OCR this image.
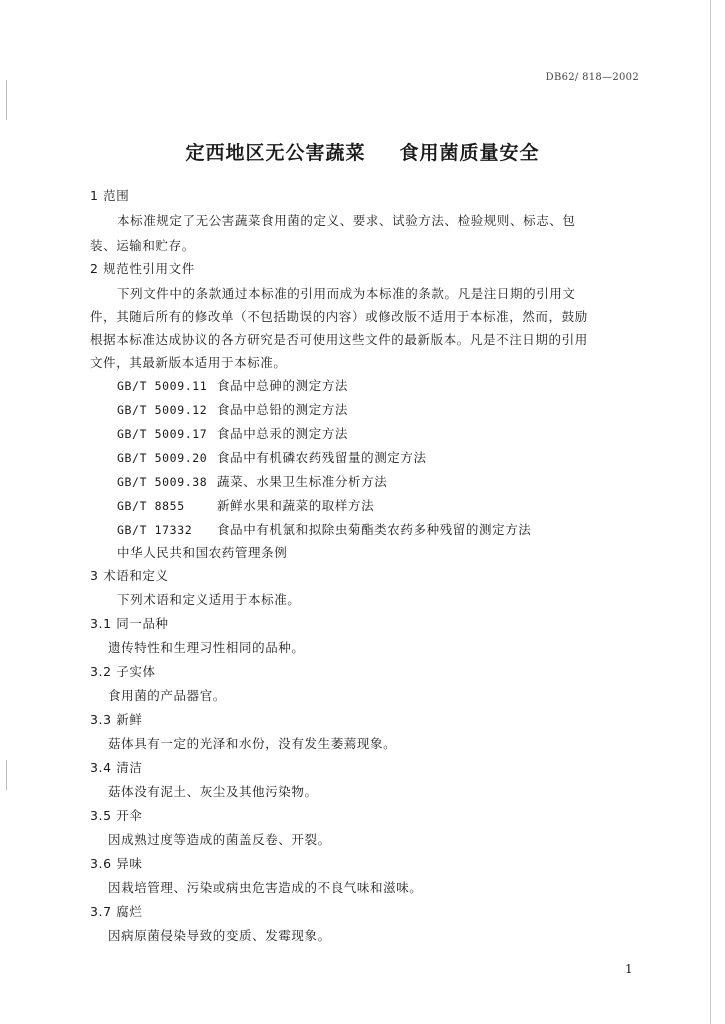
DB62/ 818—2002
定西地区无公害蔬菜 食用菌质量安全
1 范围
本标准规定了无公害蔬菜食用菌的定义、要求、试验方法、检验规则、标志、包
装、运输和贮存。
2 规范性引用文件
下列文件中的条款通过本标准的引用而成为本标准的条款。凡是注日期的引用文
件，其随后所有的修改单（不包括勘误的内容）或修改版不适用于本标准，然而，鼓励
根据本标准达成协议的各方研究是否可使用这些文件的最新版本。凡是不注日期的引用
文件，其最新版本适用于本标准。
GB/T 5009.11 食品中总砷的测定方法
GB/T 5009.12 食品中总铅的测定方法
GB/T 5009.17 食品中总汞的测定方法
GB/T 5009.20 食品中有机磷农药残留量的测定方法
GB/T 5009.38 蔬菜、水果卫生标准分析方法
GB/T 8855	新鲜水果和蔬菜的取样方法
GB/T 17332 食品中有机氯和拟除虫菊酯类农药多种残留的测定方法
中华人民共和国农药管理条例
3 术语和定义
下列术语和定义适用于本标准。
3.1 同一品种
遗传特性和生理习性相同的品种。
3.2 子实体
食用菌的产品器官。
3.3 新鲜
菇体具有一定的光泽和水份，没有发生萎蔫现象。
3.4 清洁
菇体没有泥土、灰尘及其他污染物。
3.5 开伞
因成熟过度等造成的菌盖反卷、开裂。
3.6 异味
因栽培管理、污染或病虫危害造成的不良气味和滋味。
3.7 腐烂
因病原菌侵染导致的变质、发霉现象。
1
